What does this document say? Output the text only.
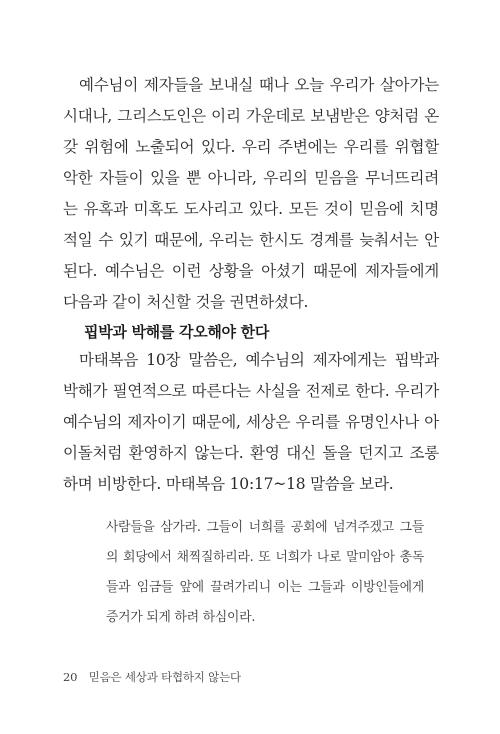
예수님이 제자들을 보내실 때나 오늘 우리가 살아가는 시대나, 그리스도인은 이리 가운데로 보냄받은 양처럼 온갖 위험에 노출되어 있다. 우리 주변에는 우리를 위협할 악한 자들이 있을 뿐 아니라, 우리의 믿음을 무너뜨리려는 유혹과 미혹도 도사리고 있다. 모든 것이 믿음에 치명적일 수 있기 때문에, 우리는 한시도 경계를 늦춰서는 안 된다. 예수님은 이런 상황을 아셨기 때문에 제자들에게 다음과 같이 처신할 것을 권면하셨다.

핍박과 박해를 각오해야 한다

마태복음 10장 말씀은, 예수님의 제자에게는 핍박과 박해가 필연적으로 따른다는 사실을 전제로 한다. 우리가 예수님의 제자이기 때문에, 세상은 우리를 유명인사나 아이돌처럼 환영하지 않는다. 환영 대신 돌을 던지고 조롱하며 비방한다. 마태복음 10:17~18 말씀을 보라.

사람들을 삼가라. 그들이 너희를 공회에 넘겨주겠고 그들의 회당에서 채찍질하리라. 또 너희가 나로 말미암아 총독들과 임금들 앞에 끌려가리니 이는 그들과 이방인들에게 증거가 되게 하려 하심이라.

20 믿음은 세상과 타협하지 않는다
